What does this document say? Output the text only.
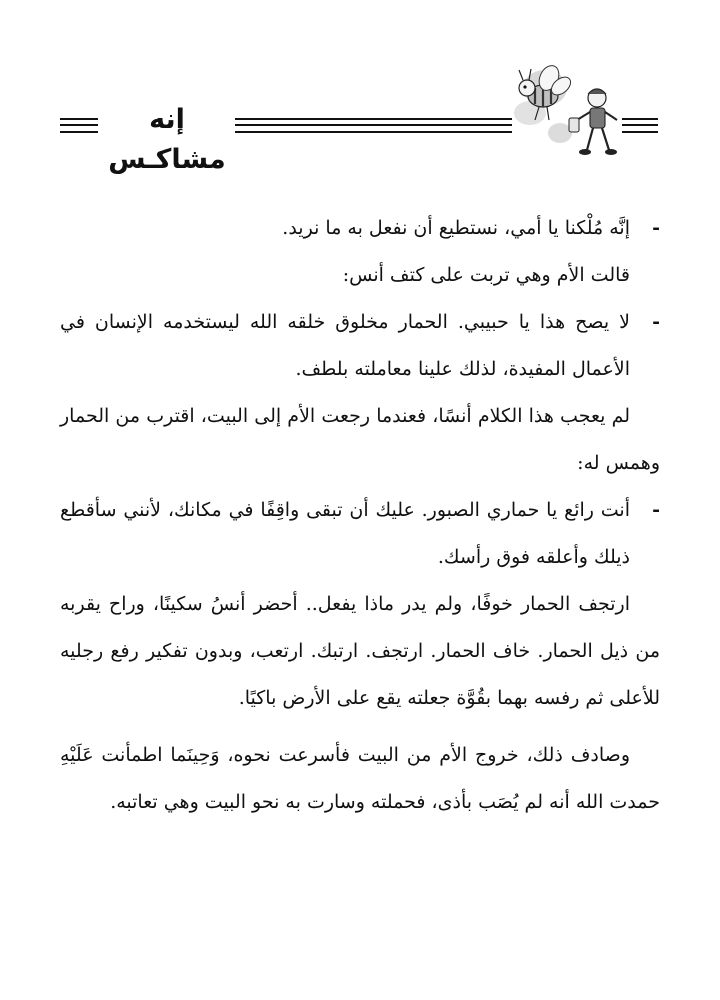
إنه مشاكـس
-
إنَّه مُلْكنا يا أمي، نستطيع أن نفعل به ما نريد.
قالت الأم وهي تربت على كتف أنس:
-
لا يصح هذا يا حبيبي. الحمار مخلوق خلقه الله ليستخدمه الإنسان في الأعمال المفيدة، لذلك علينا معاملته بلطف.
لم يعجب هذا الكلام أنسًا، فعندما رجعت الأم إلى البيت، اقترب من الحمار وهمس له:
-
أنت رائع يا حماري الصبور. عليك أن تبقى واقِفًا في مكانك، لأنني سأقطع ذيلك وأعلقه فوق رأسك.
ارتجف الحمار خوفًا، ولم يدر ماذا يفعل.. أحضر أنسُ سكينًا، وراح يقربه من ذيل الحمار. خاف الحمار. ارتجف. ارتبك. ارتعب، وبدون تفكير رفع رجليه للأعلى ثم رفسه بهما بقُوَّة جعلته يقع على الأرض باكيًا.
وصادف ذلك، خروج الأم من البيت فأسرعت نحوه، وَحِينَما اطمأنت عَلَيْهِ حمدت الله أنه لم يُصَب بأذى، فحملته وسارت به نحو البيت وهي تعاتبه.
